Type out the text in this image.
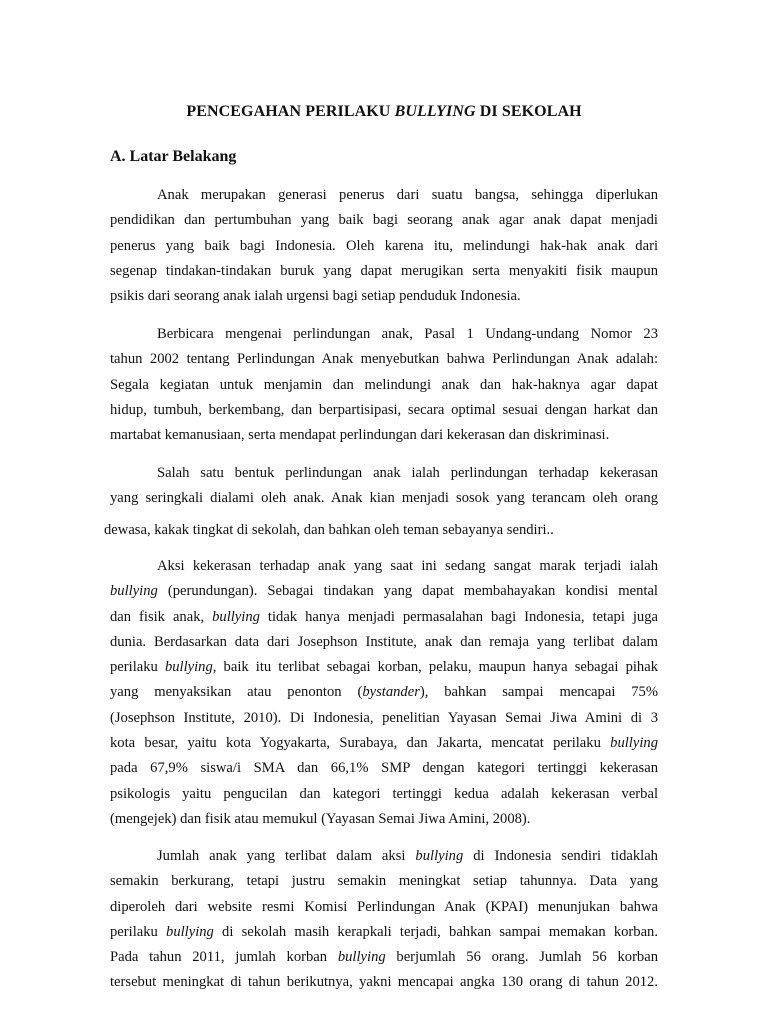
PENCEGAHAN PERILAKU BULLYING DI SEKOLAH
A. Latar Belakang
Anak merupakan generasi penerus dari suatu bangsa, sehingga diperlukan
pendidikan dan pertumbuhan yang baik bagi seorang anak agar anak dapat menjadi
penerus yang baik bagi Indonesia. Oleh karena itu, melindungi hak-hak anak dari
segenap tindakan-tindakan buruk yang dapat merugikan serta menyakiti fisik maupun
psikis dari seorang anak ialah urgensi bagi setiap penduduk Indonesia.
Berbicara mengenai perlindungan anak, Pasal 1 Undang-undang Nomor 23
tahun 2002 tentang Perlindungan Anak menyebutkan bahwa Perlindungan Anak adalah:
Segala kegiatan untuk menjamin dan melindungi anak dan hak-haknya agar dapat
hidup, tumbuh, berkembang, dan berpartisipasi, secara optimal sesuai dengan harkat dan
martabat kemanusiaan, serta mendapat perlindungan dari kekerasan dan diskriminasi.
Salah satu bentuk perlindungan anak ialah perlindungan terhadap kekerasan
yang seringkali dialami oleh anak. Anak kian menjadi sosok yang terancam oleh orang
dewasa, kakak tingkat di sekolah, dan bahkan oleh teman sebayanya sendiri..
Aksi kekerasan terhadap anak yang saat ini sedang sangat marak terjadi ialah
bullying (perundungan). Sebagai tindakan yang dapat membahayakan kondisi mental
dan fisik anak, bullying tidak hanya menjadi permasalahan bagi Indonesia, tetapi juga
dunia. Berdasarkan data dari Josephson Institute, anak dan remaja yang terlibat dalam
perilaku bullying, baik itu terlibat sebagai korban, pelaku, maupun hanya sebagai pihak
yang menyaksikan atau penonton (bystander), bahkan sampai mencapai 75%
(Josephson Institute, 2010). Di Indonesia, penelitian Yayasan Semai Jiwa Amini di 3
kota besar, yaitu kota Yogyakarta, Surabaya, dan Jakarta, mencatat perilaku bullying
pada 67,9% siswa/i SMA dan 66,1% SMP dengan kategori tertinggi kekerasan
psikologis yaitu pengucilan dan kategori tertinggi kedua adalah kekerasan verbal
(mengejek) dan fisik atau memukul (Yayasan Semai Jiwa Amini, 2008).
Jumlah anak yang terlibat dalam aksi bullying di Indonesia sendiri tidaklah
semakin berkurang, tetapi justru semakin meningkat setiap tahunnya. Data yang
diperoleh dari website resmi Komisi Perlindungan Anak (KPAI) menunjukan bahwa
perilaku bullying di sekolah masih kerapkali terjadi, bahkan sampai memakan korban.
Pada tahun 2011, jumlah korban bullying berjumlah 56 orang. Jumlah 56 korban
tersebut meningkat di tahun berikutnya, yakni mencapai angka 130 orang di tahun 2012.
